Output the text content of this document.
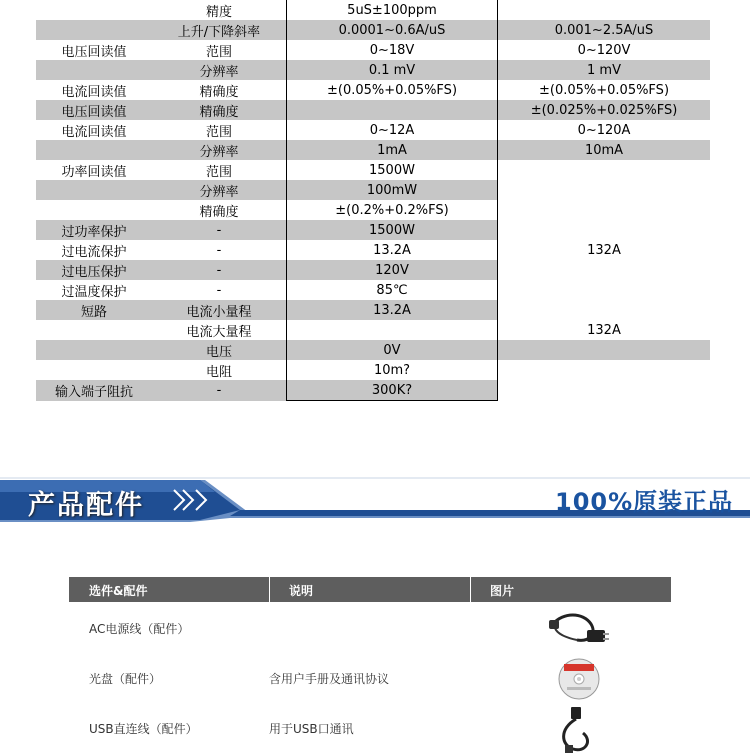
	精度	5uS±100ppm	
	上升/下降斜率	0.0001~0.6A/uS	0.001~2.5A/uS
电压回读值	范围	0~18V	0~120V
	分辨率	0.1 mV	1 mV
电流回读值	精确度	±(0.05%+0.05%FS)	±(0.05%+0.05%FS)
电压回读值	精确度		±(0.025%+0.025%FS)
电流回读值	范围	0~12A	0~120A
	分辨率	1mA	10mA
功率回读值	范围	1500W	
	分辨率	100mW	
	精确度	±(0.2%+0.2%FS)	
过功率保护	-	1500W	
过电流保护	-	13.2A	132A
过电压保护	-	120V	
过温度保护	-	85℃	
短路	电流小量程	13.2A	
	电流大量程		132A
	电压	0V	
	电阻	10m?	
输入端子阻抗	-	300K?	
产品配件	100%原装正品
选件&配件	说明	图片
AC电源线（配件）
光盘（配件）	含用户手册及通讯协议
USB直连线（配件）	用于USB口通讯
